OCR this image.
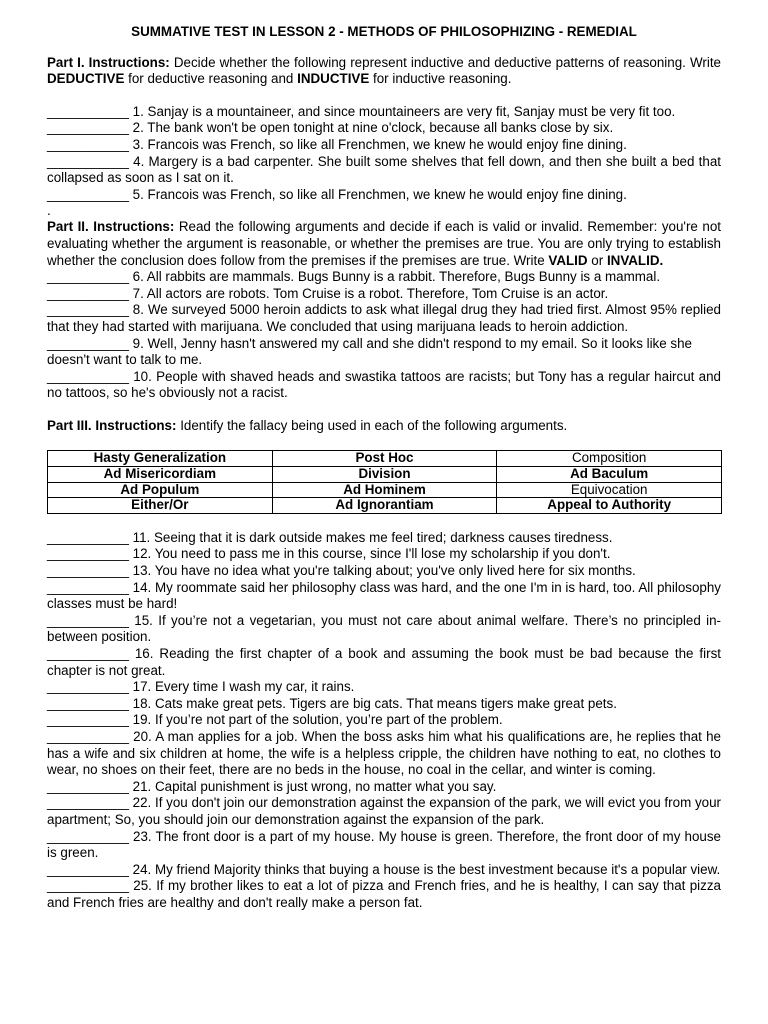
SUMMATIVE TEST IN LESSON 2 - METHODS OF PHILOSOPHIZING - REMEDIAL

Part I. Instructions: Decide whether the following represent inductive and deductive patterns of reasoning. Write DEDUCTIVE for deductive reasoning and INDUCTIVE for inductive reasoning.

___________ 1. Sanjay is a mountaineer, and since mountaineers are very fit, Sanjay must be very fit too.

___________ 2. The bank won't be open tonight at nine o'clock, because all banks close by six.

___________ 3. Francois was French, so like all Frenchmen, we knew he would enjoy fine dining.

___________ 4. Margery is a bad carpenter. She built some shelves that fell down, and then she built a bed that collapsed as soon as I sat on it.

___________ 5. Francois was French, so like all Frenchmen, we knew he would enjoy fine dining.

.

Part II. Instructions: Read the following arguments and decide if each is valid or invalid. Remember: you're not evaluating whether the argument is reasonable, or whether the premises are true. You are only trying to establish whether the conclusion does follow from the premises if the premises are true. Write VALID or INVALID.

___________ 6. All rabbits are mammals. Bugs Bunny is a rabbit. Therefore, Bugs Bunny is a mammal.

___________ 7. All actors are robots. Tom Cruise is a robot. Therefore, Tom Cruise is an actor.

___________ 8. We surveyed 5000 heroin addicts to ask what illegal drug they had tried first. Almost 95% replied that they had started with marijuana. We concluded that using marijuana leads to heroin addiction.

___________ 9. Well, Jenny hasn't answered my call and she didn't respond to my email. So it looks like she

doesn't want to talk to me.

___________ 10. People with shaved heads and swastika tattoos are racists; but Tony has a regular haircut and no tattoos, so he's obviously not a racist.

Part III. Instructions: Identify the fallacy being used in each of the following arguments.

Hasty Generalization	Post Hoc	Composition
Ad Misericordiam	Division	Ad Baculum
Ad Populum	Ad Hominem	Equivocation
Either/Or	Ad Ignorantiam	Appeal to Authority

___________ 11. Seeing that it is dark outside makes me feel tired; darkness causes tiredness.

___________ 12. You need to pass me in this course, since I'll lose my scholarship if you don't.

___________ 13. You have no idea what you're talking about; you've only lived here for six months.

___________ 14. My roommate said her philosophy class was hard, and the one I'm in is hard, too. All philosophy classes must be hard!

___________ 15. If you’re not a vegetarian, you must not care about animal welfare. There’s no principled in-between position.

___________ 16. Reading the first chapter of a book and assuming the book must be bad because the first chapter is not great.

___________ 17. Every time I wash my car, it rains.

___________ 18. Cats make great pets. Tigers are big cats. That means tigers make great pets.

___________ 19. If you’re not part of the solution, you’re part of the problem.

___________ 20. A man applies for a job. When the boss asks him what his qualifications are, he replies that he has a wife and six children at home, the wife is a helpless cripple, the children have nothing to eat, no clothes to wear, no shoes on their feet, there are no beds in the house, no coal in the cellar, and winter is coming.

___________ 21. Capital punishment is just wrong, no matter what you say.

___________ 22. If you don't join our demonstration against the expansion of the park, we will evict you from your apartment; So, you should join our demonstration against the expansion of the park.

___________ 23. The front door is a part of my house. My house is green. Therefore, the front door of my house is green.

___________ 24. My friend Majority thinks that buying a house is the best investment because it's a popular view.

___________ 25. If my brother likes to eat a lot of pizza and French fries, and he is healthy, I can say that pizza and French fries are healthy and don't really make a person fat.
